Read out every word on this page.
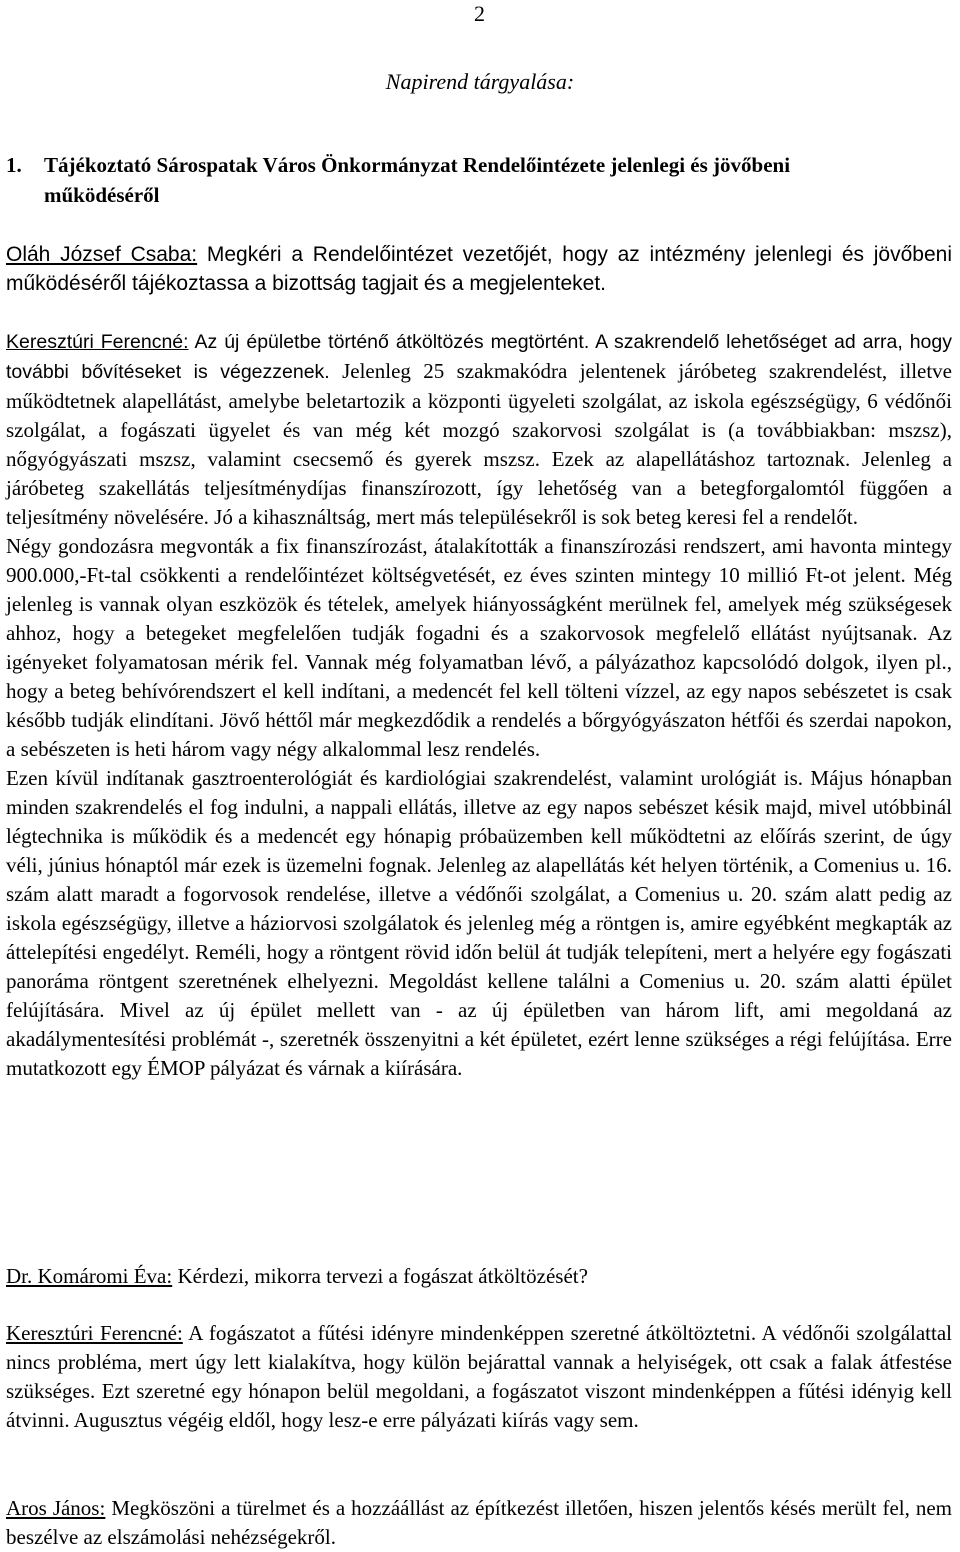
2
Napirend tárgyalása:
1. Tájékoztató Sárospatak Város Önkormányzat Rendelőintézete jelenlegi és jövőbeni
működéséről

Oláh József Csaba: Megkéri a Rendelőintézet vezetőjét, hogy az intézmény jelenlegi és jövőbeni működéséről tájékoztassa a bizottság tagjait és a megjelenteket.

Keresztúri Ferencné: Az új épületbe történő átköltözés megtörtént. A szakrendelő lehetőséget ad arra, hogy további bővítéseket is végezzenek. Jelenleg 25 szakmakódra jelentenek járóbeteg szakrendelést, illetve működtetnek alapellátást, amelybe beletartozik a központi ügyeleti szolgálat, az iskola egészségügy, 6 védőnői szolgálat, a fogászati ügyelet és van még két mozgó szakorvosi szolgálat is (a továbbiakban: mszsz), nőgyógyászati mszsz, valamint csecsemő és gyerek mszsz. Ezek az alapellátáshoz tartoznak. Jelenleg a járóbeteg szakellátás teljesítménydíjas finanszírozott, így lehetőség van a betegforgalomtól függően a teljesítmény növelésére. Jó a kihasználtság, mert más településekről is sok beteg keresi fel a rendelőt.

Négy gondozásra megvonták a fix finanszírozást, átalakították a finanszírozási rendszert, ami havonta mintegy 900.000,-Ft-tal csökkenti a rendelőintézet költségvetését, ez éves szinten mintegy 10 millió Ft-ot jelent. Még jelenleg is vannak olyan eszközök és tételek, amelyek hiányosságként merülnek fel, amelyek még szükségesek ahhoz, hogy a betegeket megfelelően tudják fogadni és a szakorvosok megfelelő ellátást nyújtsanak. Az igényeket folyamatosan mérik fel. Vannak még folyamatban lévő, a pályázathoz kapcsolódó dolgok, ilyen pl., hogy a beteg behívórendszert el kell indítani, a medencét fel kell tölteni vízzel, az egy napos sebészetet is csak később tudják elindítani. Jövő héttől már megkezdődik a rendelés a bőrgyógyászaton hétfői és szerdai napokon, a sebészeten is heti három vagy négy alkalommal lesz rendelés.

Ezen kívül indítanak gasztroenterológiát és kardiológiai szakrendelést, valamint urológiát is. Május hónapban minden szakrendelés el fog indulni, a nappali ellátás, illetve az egy napos sebészet késik majd, mivel utóbbinál légtechnika is működik és a medencét egy hónapig próbaüzemben kell működtetni az előírás szerint, de úgy véli, június hónaptól már ezek is üzemelni fognak. Jelenleg az alapellátás két helyen történik, a Comenius u. 16. szám alatt maradt a fogorvosok rendelése, illetve a védőnői szolgálat, a Comenius u. 20. szám alatt pedig az iskola egészségügy, illetve a háziorvosi szolgálatok és jelenleg még a röntgen is, amire egyébként megkapták az áttelepítési engedélyt. Reméli, hogy a röntgent rövid időn belül át tudják telepíteni, mert a helyére egy fogászati panoráma röntgent szeretnének elhelyezni. Megoldást kellene találni a Comenius u. 20. szám alatti épület felújítására. Mivel az új épület mellett van - az új épületben van három lift, ami megoldaná az akadálymentesítési problémát -, szeretnék összenyitni a két épületet, ezért lenne szükséges a régi felújítása. Erre mutatkozott egy ÉMOP pályázat és várnak a kiírására.

Dr. Komáromi Éva: Kérdezi, mikorra tervezi a fogászat átköltözését?

Keresztúri Ferencné: A fogászatot a fűtési idényre mindenképpen szeretné átköltöztetni. A védőnői szolgálattal nincs probléma, mert úgy lett kialakítva, hogy külön bejárattal vannak a helyiségek, ott csak a falak átfestése szükséges. Ezt szeretné egy hónapon belül megoldani, a fogászatot viszont mindenképpen a fűtési idényig kell átvinni. Augusztus végéig eldől, hogy lesz-e erre pályázati kiírás vagy sem.

Aros János: Megköszöni a türelmet és a hozzáállást az építkezést illetően, hiszen jelentős késés merült fel, nem beszélve az elszámolási nehézségekről.
